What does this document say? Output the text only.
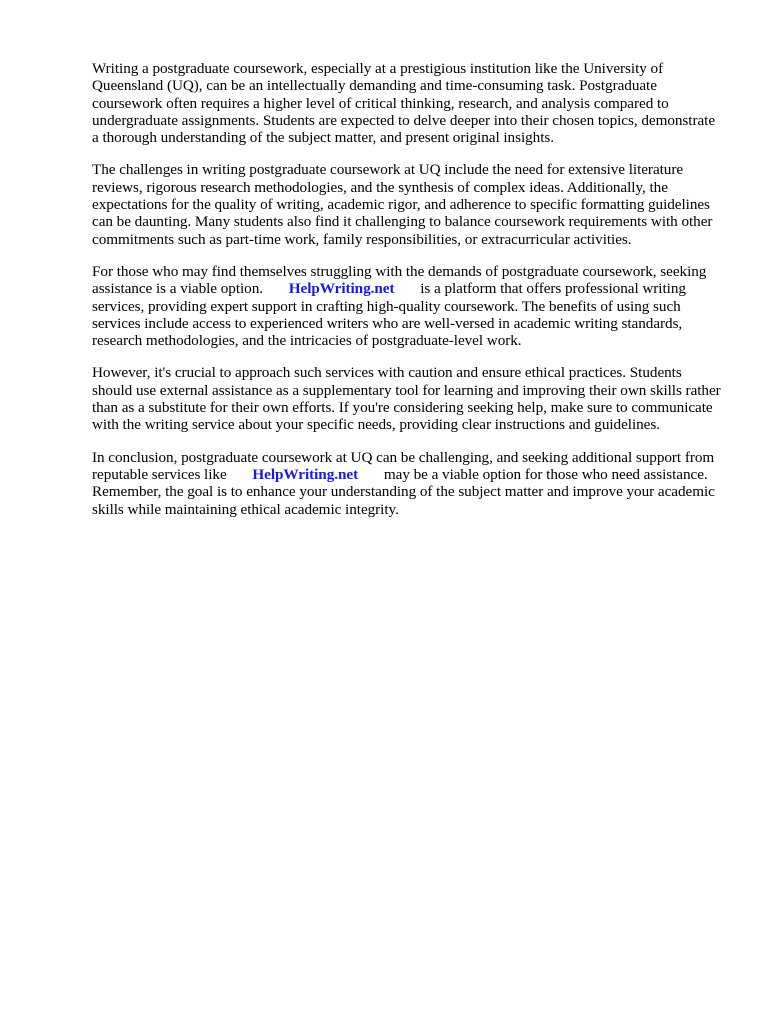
Writing a postgraduate coursework, especially at a prestigious institution like the University of Queensland (UQ), can be an intellectually demanding and time-consuming task. Postgraduate coursework often requires a higher level of critical thinking, research, and analysis compared to undergraduate assignments. Students are expected to delve deeper into their chosen topics, demonstrate a thorough understanding of the subject matter, and present original insights.

The challenges in writing postgraduate coursework at UQ include the need for extensive literature reviews, rigorous research methodologies, and the synthesis of complex ideas. Additionally, the expectations for the quality of writing, academic rigor, and adherence to specific formatting guidelines can be daunting. Many students also find it challenging to balance coursework requirements with other commitments such as part-time work, family responsibilities, or extracurricular activities.

For those who may find themselves struggling with the demands of postgraduate coursework, seeking assistance is a viable option. HelpWriting.net is a platform that offers professional writing services, providing expert support in crafting high-quality coursework. The benefits of using such services include access to experienced writers who are well-versed in academic writing standards, research methodologies, and the intricacies of postgraduate-level work.

However, it's crucial to approach such services with caution and ensure ethical practices. Students should use external assistance as a supplementary tool for learning and improving their own skills rather than as a substitute for their own efforts. If you're considering seeking help, make sure to communicate with the writing service about your specific needs, providing clear instructions and guidelines.

In conclusion, postgraduate coursework at UQ can be challenging, and seeking additional support from reputable services like HelpWriting.net may be a viable option for those who need assistance. Remember, the goal is to enhance your understanding of the subject matter and improve your academic skills while maintaining ethical academic integrity.
